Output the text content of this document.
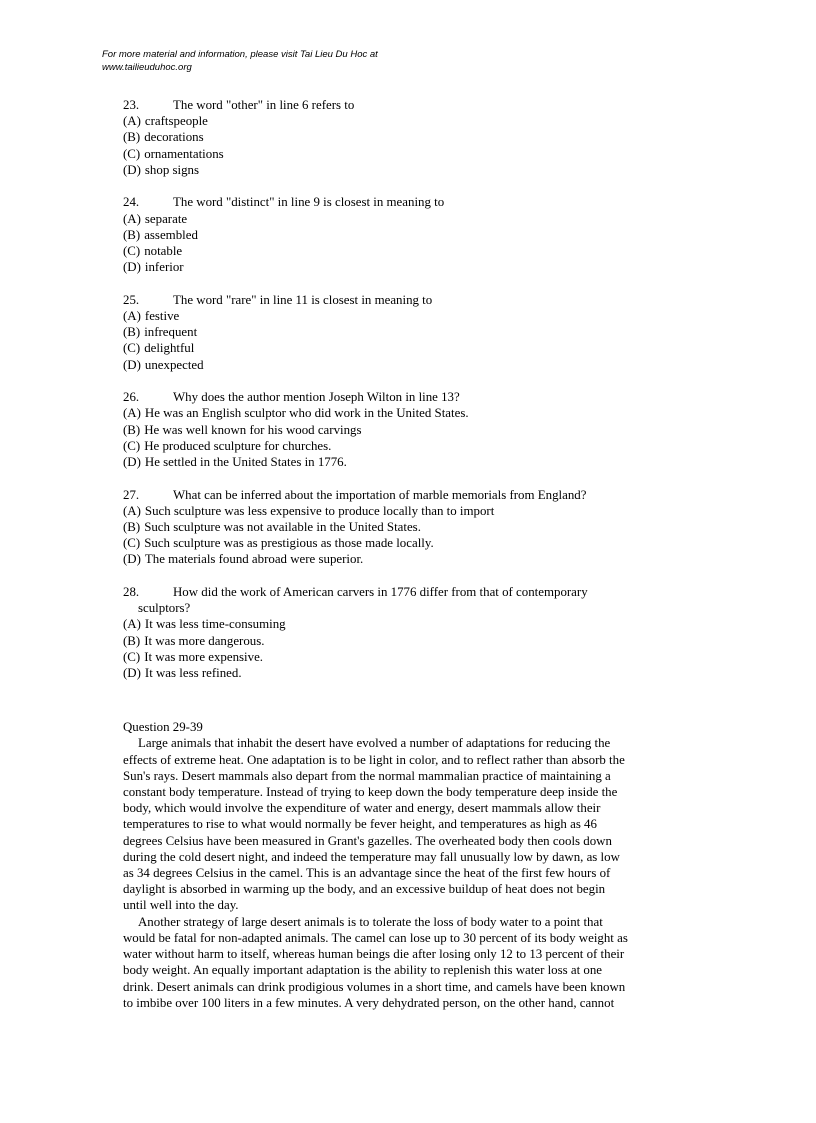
For more material and information, please visit Tai Lieu Du Hoc at
www.tailieuduhoc.org
23.	The word "other" in line 6 refers to
(A) craftspeople
(B) decorations
(C) ornamentations
(D) shop signs
24.	The word "distinct" in line 9 is closest in meaning to
(A) separate
(B) assembled
(C) notable
(D) inferior
25.	The word "rare" in line 11 is closest in meaning to
(A) festive
(B) infrequent
(C) delightful
(D) unexpected
26.	Why does the author mention Joseph Wilton in line 13?
(A) He was an English sculptor who did work in the United States.
(B) He was well known for his wood carvings
(C) He produced sculpture for churches.
(D) He settled in the United States in 1776.
27.	What can be inferred about the importation of marble memorials from England?
(A) Such sculpture was less expensive to produce locally than to import
(B) Such sculpture was not available in the United States.
(C) Such sculpture was as prestigious as those made locally.
(D) The materials found abroad were superior.
28.	How did the work of American carvers in 1776 differ from that of contemporary
sculptors?
(A) It was less time-consuming
(B) It was more dangerous.
(C) It was more expensive.
(D) It was less refined.
Question 29-39
Large animals that inhabit the desert have evolved a number of adaptations for reducing the
effects of extreme heat. One adaptation is to be light in color, and to reflect rather than absorb the
Sun's rays. Desert mammals also depart from the normal mammalian practice of maintaining a
constant body temperature. Instead of trying to keep down the body temperature deep inside the
body, which would involve the expenditure of water and energy, desert mammals allow their
temperatures to rise to what would normally be fever height, and temperatures as high as 46
degrees Celsius have been measured in Grant's gazelles. The overheated body then cools down
during the cold desert night, and indeed the temperature may fall unusually low by dawn, as low
as 34 degrees Celsius in the camel. This is an advantage since the heat of the first few hours of
daylight is absorbed in warming up the body, and an excessive buildup of heat does not begin
until well into the day.
Another strategy of large desert animals is to tolerate the loss of body water to a point that
would be fatal for non-adapted animals. The camel can lose up to 30 percent of its body weight as
water without harm to itself, whereas human beings die after losing only 12 to 13 percent of their
body weight. An equally important adaptation is the ability to replenish this water loss at one
drink. Desert animals can drink prodigious volumes in a short time, and camels have been known
to imbibe over 100 liters in a few minutes. A very dehydrated person, on the other hand, cannot
